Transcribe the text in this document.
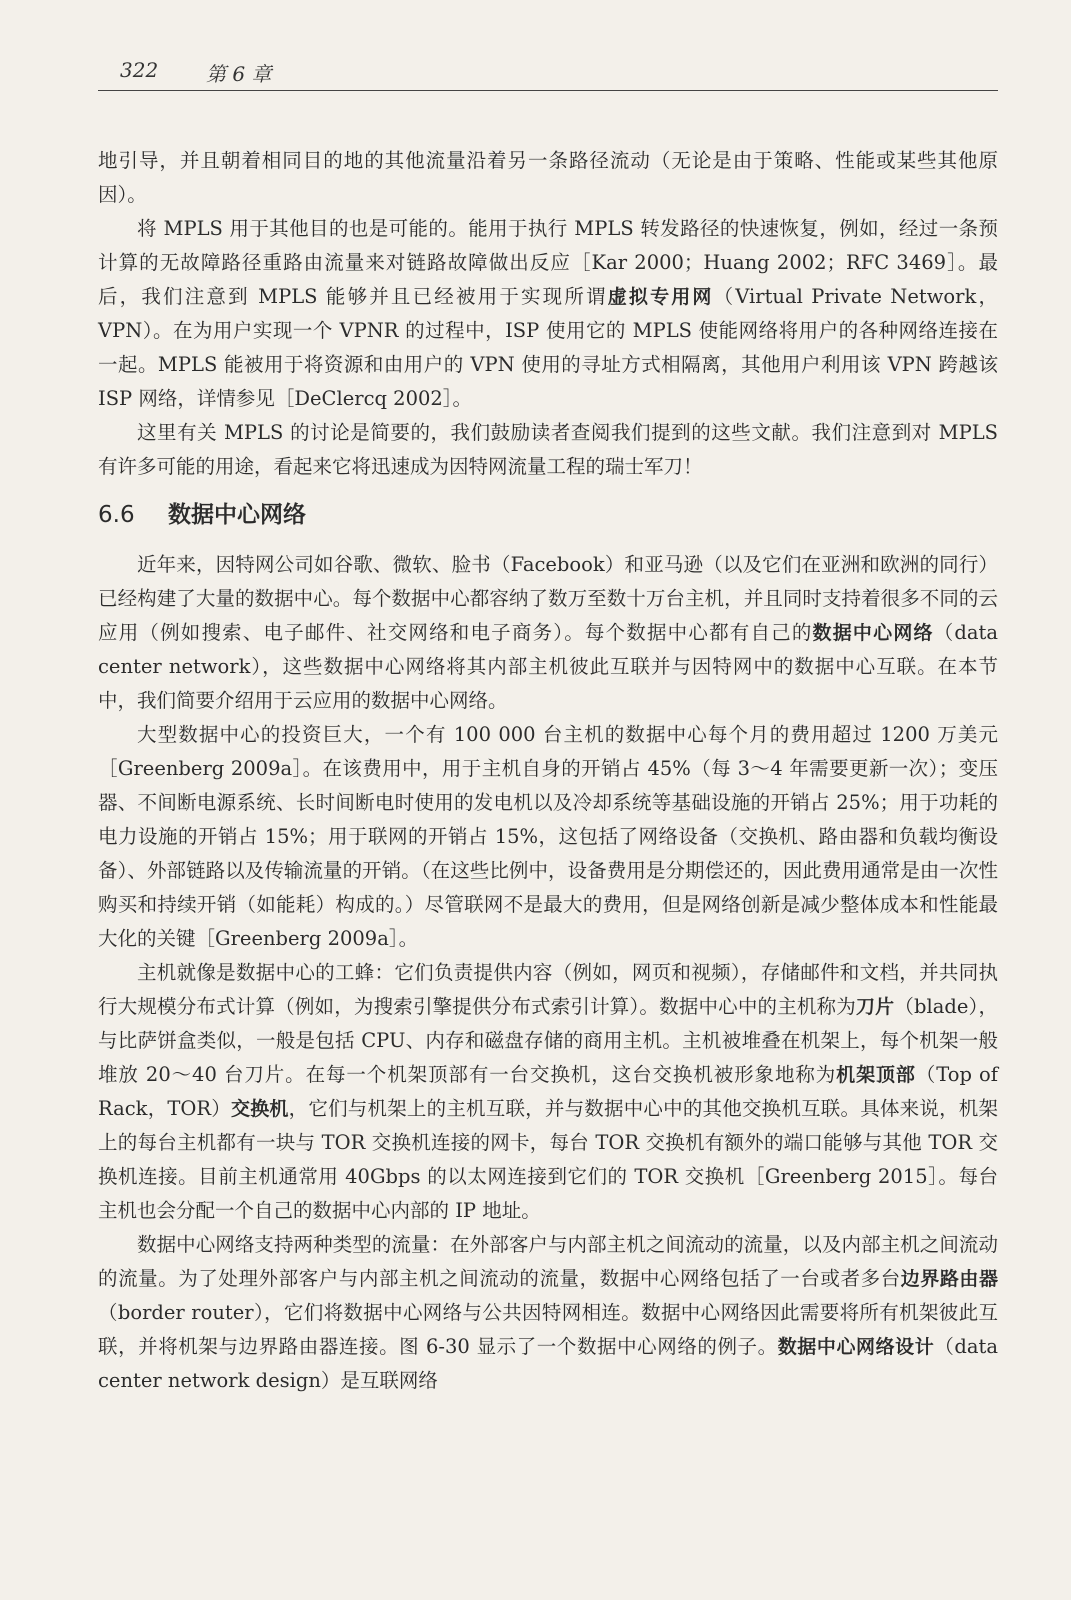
322 第 6 章

地引导，并且朝着相同目的地的其他流量沿着另一条路径流动（无论是由于策略、性能或某些其他原因）。

将 MPLS 用于其他目的也是可能的。能用于执行 MPLS 转发路径的快速恢复，例如，经过一条预计算的无故障路径重路由流量来对链路故障做出反应［Kar 2000；Huang 2002；RFC 3469］。最后，我们注意到 MPLS 能够并且已经被用于实现所谓虚拟专用网（Virtual Private Network，VPN）。在为用户实现一个 VPNR 的过程中，ISP 使用它的 MPLS 使能网络将用户的各种网络连接在一起。MPLS 能被用于将资源和由用户的 VPN 使用的寻址方式相隔离，其他用户利用该 VPN 跨越该 ISP 网络，详情参见［DeClercq 2002］。

这里有关 MPLS 的讨论是简要的，我们鼓励读者查阅我们提到的这些文献。我们注意到对 MPLS 有许多可能的用途，看起来它将迅速成为因特网流量工程的瑞士军刀！

6.6 数据中心网络

近年来，因特网公司如谷歌、微软、脸书（Facebook）和亚马逊（以及它们在亚洲和欧洲的同行）已经构建了大量的数据中心。每个数据中心都容纳了数万至数十万台主机，并且同时支持着很多不同的云应用（例如搜索、电子邮件、社交网络和电子商务）。每个数据中心都有自己的数据中心网络（data center network），这些数据中心网络将其内部主机彼此互联并与因特网中的数据中心互联。在本节中，我们简要介绍用于云应用的数据中心网络。

大型数据中心的投资巨大，一个有 100 000 台主机的数据中心每个月的费用超过 1200 万美元［Greenberg 2009a］。在该费用中，用于主机自身的开销占 45%（每 3～4 年需要更新一次）；变压器、不间断电源系统、长时间断电时使用的发电机以及冷却系统等基础设施的开销占 25%；用于功耗的电力设施的开销占 15%；用于联网的开销占 15%，这包括了网络设备（交换机、路由器和负载均衡设备）、外部链路以及传输流量的开销。（在这些比例中，设备费用是分期偿还的，因此费用通常是由一次性购买和持续开销（如能耗）构成的。）尽管联网不是最大的费用，但是网络创新是减少整体成本和性能最大化的关键［Greenberg 2009a］。

主机就像是数据中心的工蜂：它们负责提供内容（例如，网页和视频），存储邮件和文档，并共同执行大规模分布式计算（例如，为搜索引擎提供分布式索引计算）。数据中心中的主机称为刀片（blade），与比萨饼盒类似，一般是包括 CPU、内存和磁盘存储的商用主机。主机被堆叠在机架上，每个机架一般堆放 20～40 台刀片。在每一个机架顶部有一台交换机，这台交换机被形象地称为机架顶部（Top of Rack，TOR）交换机，它们与机架上的主机互联，并与数据中心中的其他交换机互联。具体来说，机架上的每台主机都有一块与 TOR 交换机连接的网卡，每台 TOR 交换机有额外的端口能够与其他 TOR 交换机连接。目前主机通常用 40Gbps 的以太网连接到它们的 TOR 交换机［Greenberg 2015］。每台主机也会分配一个自己的数据中心内部的 IP 地址。

数据中心网络支持两种类型的流量：在外部客户与内部主机之间流动的流量，以及内部主机之间流动的流量。为了处理外部客户与内部主机之间流动的流量，数据中心网络包括了一台或者多台边界路由器（border router），它们将数据中心网络与公共因特网相连。数据中心网络因此需要将所有机架彼此互联，并将机架与边界路由器连接。图 6-30 显示了一个数据中心网络的例子。数据中心网络设计（data center network design）是互联网络
